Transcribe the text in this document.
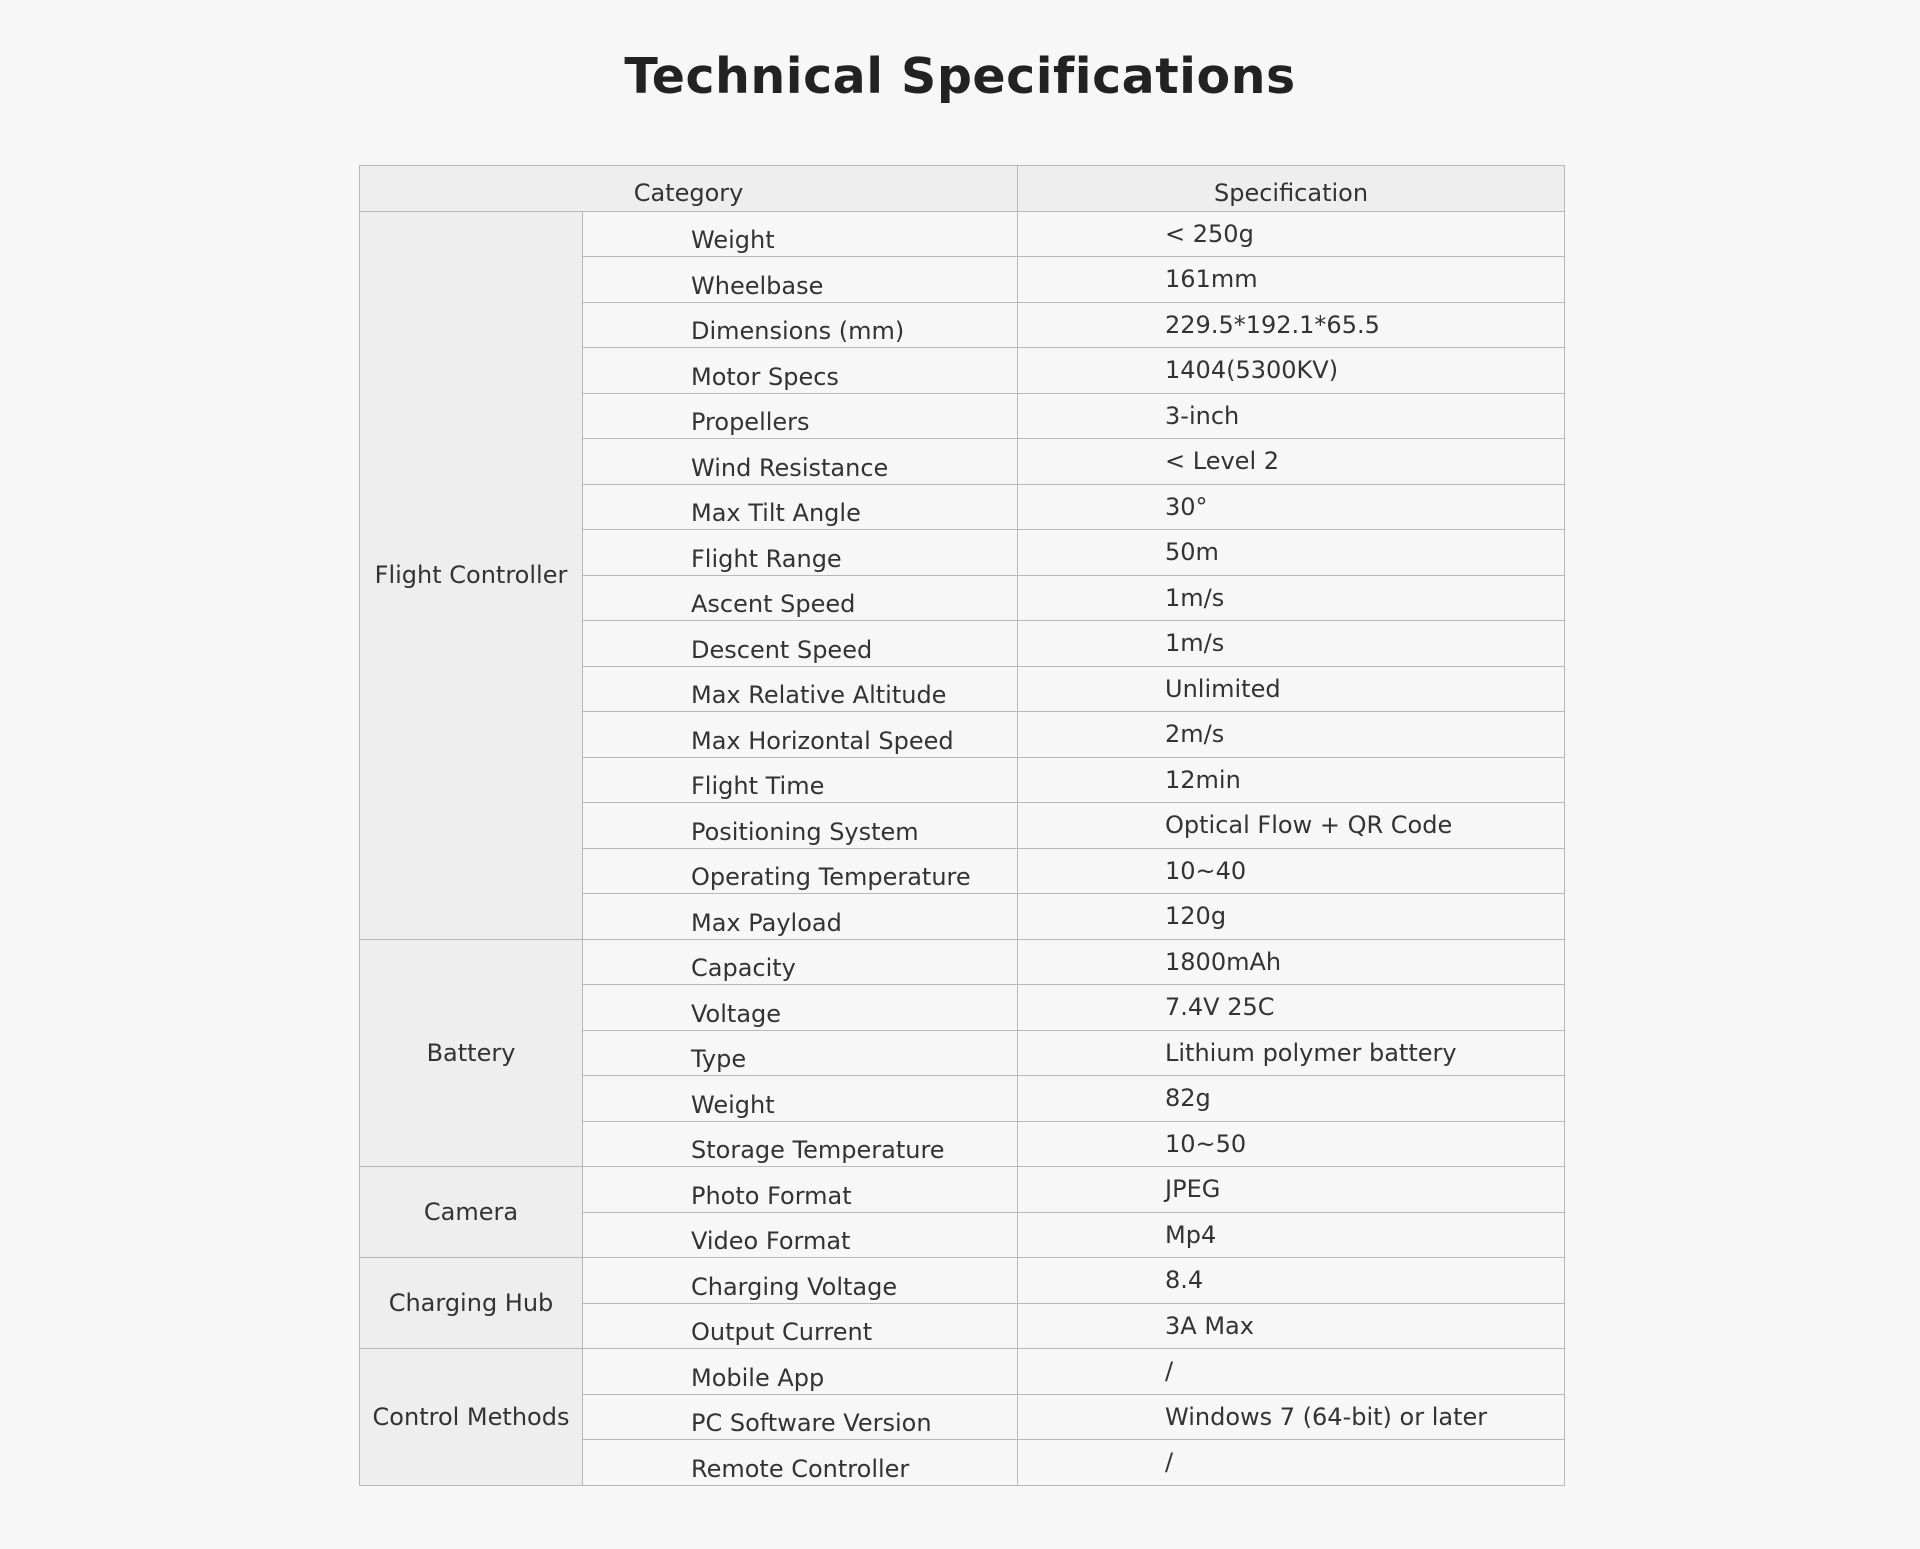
Technical Specifications
Category		Specification
Flight Controller	Weight	< 250g
	Wheelbase	161mm
	Dimensions (mm)	229.5*192.1*65.5
	Motor Specs	1404(5300KV)
	Propellers	3-inch
	Wind Resistance	< Level 2
	Max Tilt Angle	30°
	Flight Range	50m
	Ascent Speed	1m/s
	Descent Speed	1m/s
	Max Relative Altitude	Unlimited
	Max Horizontal Speed	2m/s
	Flight Time	12min
	Positioning System	Optical Flow + QR Code
	Operating Temperature	10~40
	Max Payload	120g
Battery	Capacity	1800mAh
	Voltage	7.4V 25C
	Type	Lithium polymer battery
	Weight	82g
	Storage Temperature	10~50
Camera	Photo Format	JPEG
	Video Format	Mp4
Charging Hub	Charging Voltage	8.4
	Output Current	3A Max
Control Methods	Mobile App	/
	PC Software Version	Windows 7 (64-bit) or later
	Remote Controller	/
